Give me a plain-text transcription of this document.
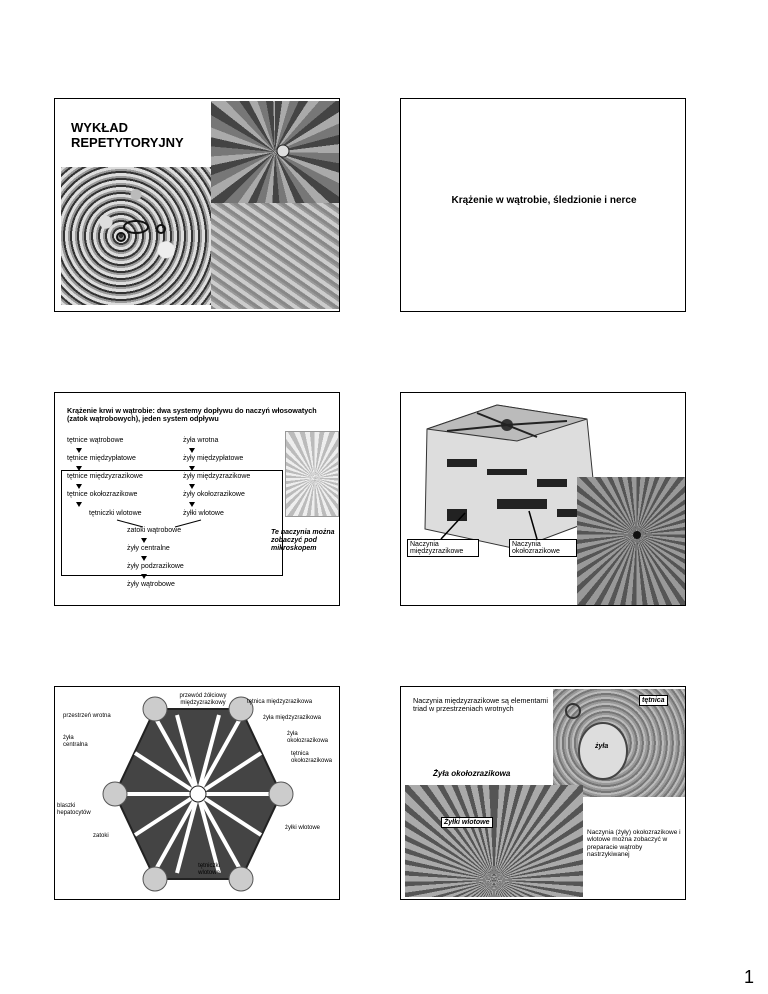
WYKŁAD
REPETYTORYJNY
Krążenie w wątrobie, śledzionie i nerce
Krążenie krwi w wątrobie: dwa systemy dopływu do naczyń włosowatych (zatok wątrobowych), jeden system odpływu
tętnice wątrobowe
tętnice międzypłatowe
tętnice międzyzrazikowe
tętnice okołozrazikowe
tętniczki wlotowe
żyła wrotna
żyły międzypłatowe
żyły międzyzrazikowe
żyły okołozrazikowe
żyłki wlotowe
zatoki wątrobowe
żyły centralne
żyły podzrazikowe
żyły wątrobowe
Te naczynia można zobaczyć pod mikroskopem
Naczynia międzyzrazikowe
Naczynia okołozrazikowe
przewód żółciowy międzyzrazikowy	tętnica międzyzrazikowa
przestrzeń wrotna	żyła międzyzrazikowa
żyła centralna
żyła okołozrazikowa
tętnica okołozrazikowa
blaszki hepatocytów
zatoki
żyłki wlotowe
tętniczki wlotowe
Naczynia międzyzrazikowe są elementami triad w przestrzeniach wrotnych
tętnica
żyła
Żyła okołozrazikowa
Żyłki wlotowe
Naczynia (żyły) okołozrazikowe i wlotowe można zobaczyć w preparacie wątroby nastrzykiwanej
1
